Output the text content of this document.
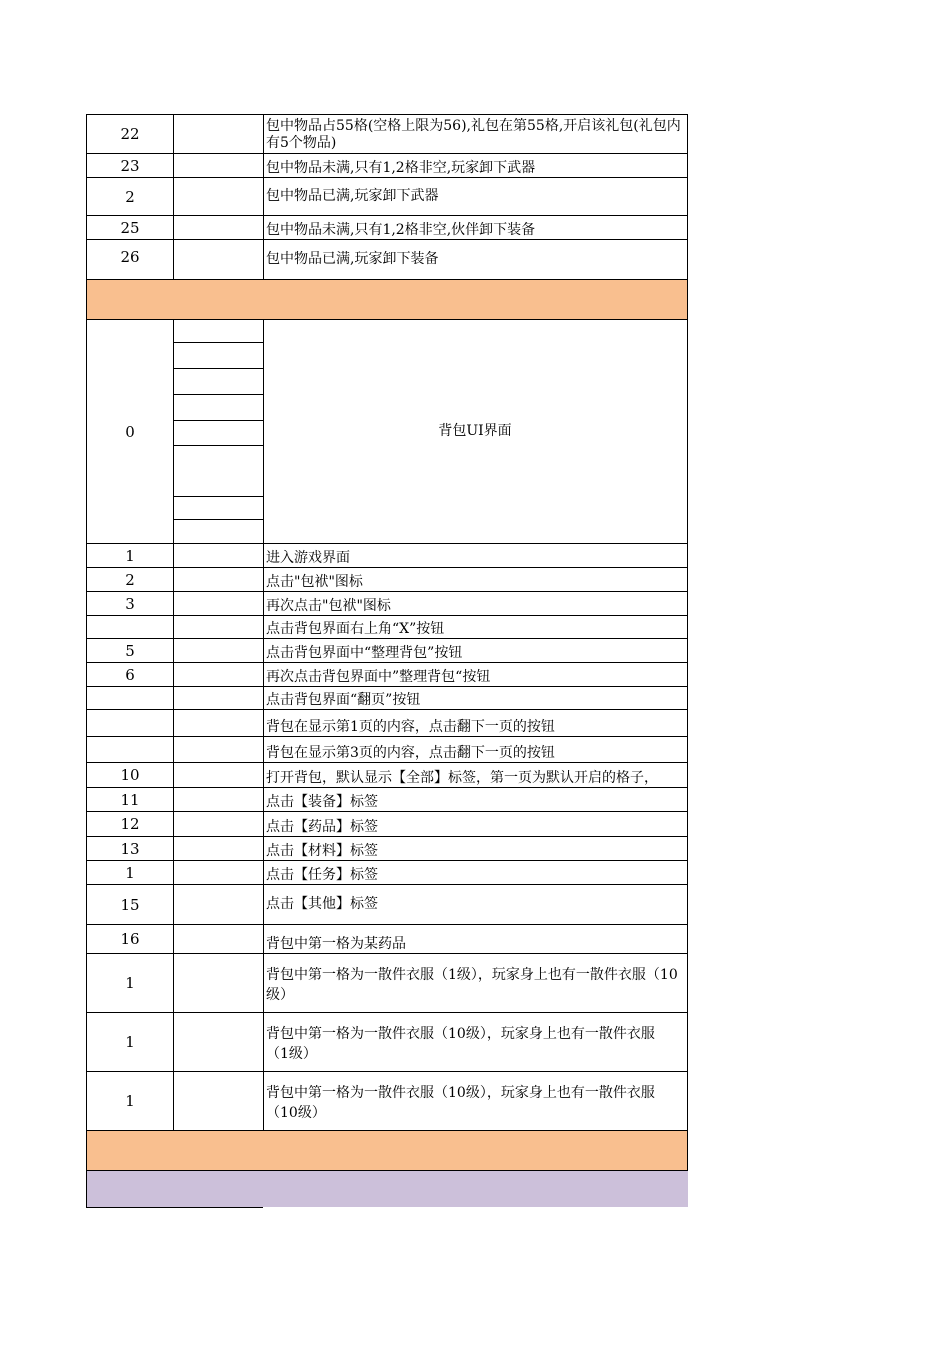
22	包中物品占55格(空格上限为56),礼包在第55格,开启该礼包(礼包内有5个物品)
23	包中物品未满,只有1,2格非空,玩家卸下武器
2	包中物品已满,玩家卸下武器
25	包中物品未满,只有1,2格非空,伙伴卸下装备
26	包中物品已满,玩家卸下装备
0	背包UI界面
1	进入游戏界面
2	点击"包袱"图标
3	再次点击"包袱"图标
点击背包界面右上角“X”按钮
5	点击背包界面中“整理背包”按钮
6	再次点击背包界面中”整理背包“按钮
点击背包界面“翻页”按钮
背包在显示第1页的内容，点击翻下一页的按钮
背包在显示第3页的内容，点击翻下一页的按钮
10	打开背包，默认显示【全部】标签，第一页为默认开启的格子，
11	点击【装备】标签
12	点击【药品】标签
13	点击【材料】标签
1	点击【任务】标签
15	点击【其他】标签
16	背包中第一格为某药品
1	背包中第一格为一散件衣服（1级），玩家身上也有一散件衣服（10级）
1	背包中第一格为一散件衣服（10级），玩家身上也有一散件衣服（1级）
1	背包中第一格为一散件衣服（10级），玩家身上也有一散件衣服（10级）
